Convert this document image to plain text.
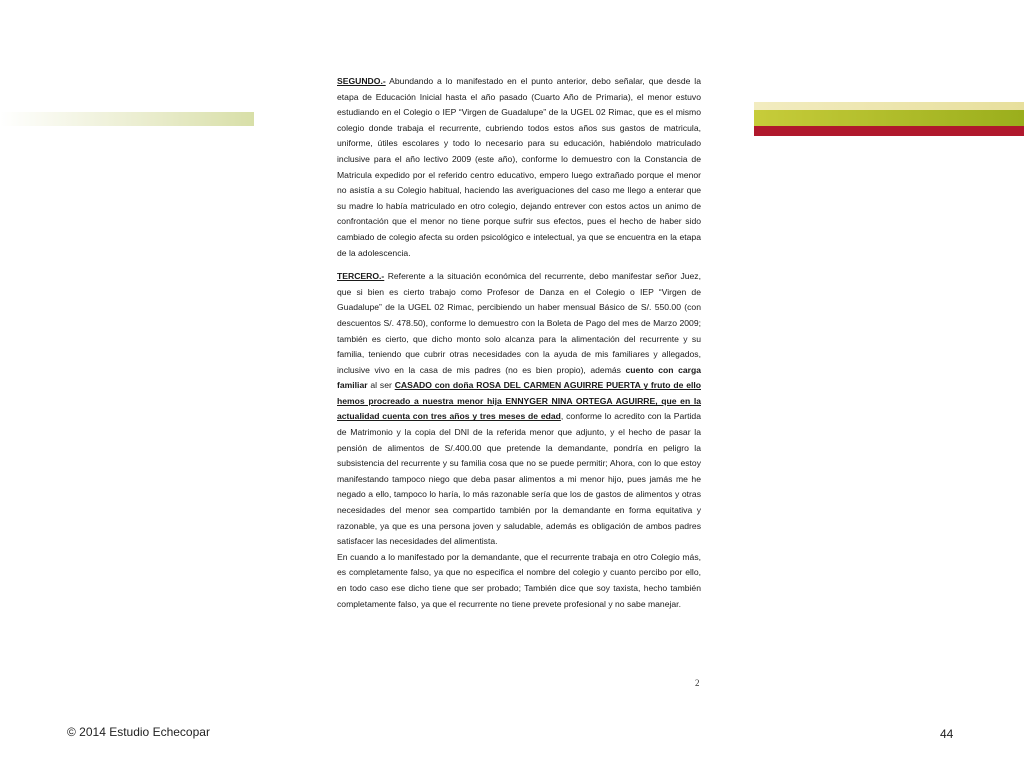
SEGUNDO.- Abundando a lo manifestado en el punto anterior, debo señalar, que desde la etapa de Educación Inicial hasta el año pasado (Cuarto Año de Primaria), el menor estuvo estudiando en el Colegio o IEP “Virgen de Guadalupe” de la UGEL 02 Rimac, que es el mismo colegio donde trabaja el recurrente, cubriendo todos estos años sus gastos de matricula, uniforme, útiles escolares y todo lo necesario para su educación, habiéndolo matriculado inclusive para el año lectivo 2009 (este año), conforme lo demuestro con la Constancia de Matricula expedido por el referido centro educativo, empero luego extrañado porque el menor no asistía a su Colegio habitual, haciendo las averiguaciones del caso me llego a enterar que su madre lo había matriculado en otro colegio, dejando entrever con estos actos un animo de confrontación que el menor no tiene porque sufrir sus efectos, pues el hecho de haber sido cambiado de colegio afecta su orden psicológico e intelectual, ya que se encuentra en la etapa de la adolescencia.

TERCERO.- Referente a la situación económica del recurrente, debo manifestar señor Juez, que si bien es cierto trabajo como Profesor de Danza en el Colegio o IEP “Virgen de Guadalupe” de la UGEL 02 Rimac, percibiendo un haber mensual Básico de S/. 550.00 (con descuentos S/. 478.50), conforme lo demuestro con la Boleta de Pago del mes de Marzo 2009; también es cierto, que dicho monto solo alcanza para la alimentación del recurrente y su familia, teniendo que cubrir otras necesidades con la ayuda de mis familiares y allegados, inclusive vivo en la casa de mis padres (no es bien propio), además cuento con carga familiar al ser CASADO con doña ROSA DEL CARMEN AGUIRRE PUERTA y fruto de ello hemos procreado a nuestra menor hija ENNYGER NINA ORTEGA AGUIRRE, que en la actualidad cuenta con tres años y tres meses de edad, conforme lo acredito con la Partida de Matrimonio y la copia del DNI de la referida menor que adjunto, y el hecho de pasar la pensión de alimentos de S/.400.00 que pretende la demandante, pondría en peligro la subsistencia del recurrente y su familia cosa que no se puede permitir; Ahora, con lo que estoy manifestando tampoco niego que deba pasar alimentos a mi menor hijo, pues jamás me he negado a ello, tampoco lo haría, lo más razonable sería que los de gastos de alimentos y otras necesidades del menor sea compartido también por la demandante en forma equitativa y razonable, ya que es una persona joven y saludable, además es obligación de ambos padres satisfacer las necesidades del alimentista.

En cuando a lo manifestado por la demandante, que el recurrente trabaja en otro Colegio más, es completamente falso, ya que no especifica el nombre del colegio y cuanto percibo por ello, en todo caso ese dicho tiene que ser probado; También dice que soy taxista, hecho también completamente falso, ya que el recurrente no tiene prevete profesional y no sabe manejar.

2
© 2014 Estudio Echecopar	44
